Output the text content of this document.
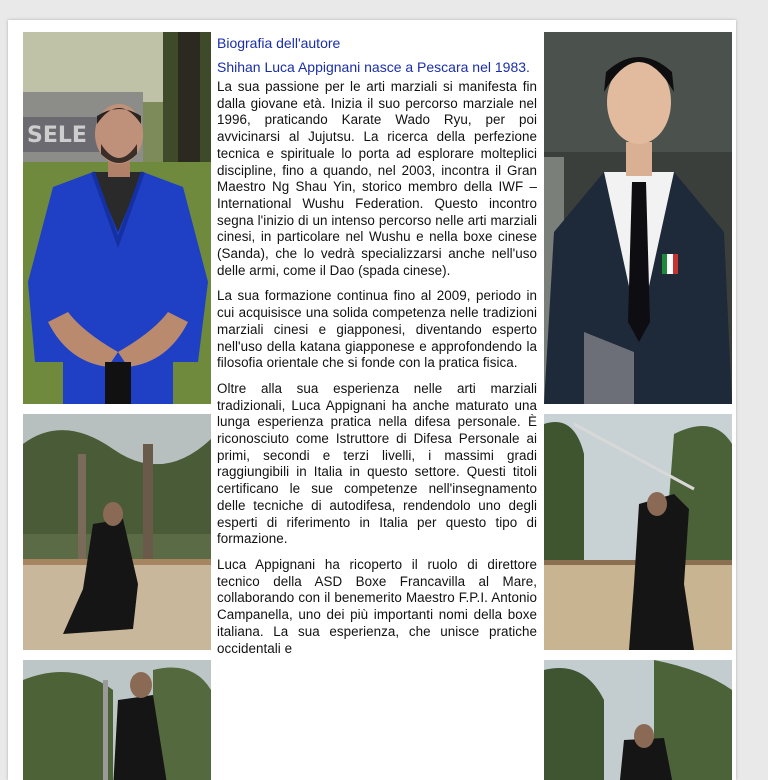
SELE
Biografia dell'autore
Shihan Luca Appignani nasce a Pescara nel 1983.

La sua passione per le arti marziali si manifesta fin dalla giovane età. Inizia il suo percorso marziale nel 1996, praticando Karate Wado Ryu, per poi avvicinarsi al Jujutsu. La ricerca della perfezione tecnica e spirituale lo porta ad esplorare molteplici discipline, fino a quando, nel 2003, incontra il Gran Maestro Ng Shau Yin, storico membro della IWF – International Wushu Federation. Questo incontro segna l'inizio di un intenso percorso nelle arti marziali cinesi, in particolare nel Wushu e nella boxe cinese (Sanda), che lo vedrà specializzarsi anche nell'uso delle armi, come il Dao (spada cinese).

La sua formazione continua fino al 2009, periodo in cui acquisisce una solida competenza nelle tradizioni marziali cinesi e giapponesi, diventando esperto nell'uso della katana giapponese e approfondendo la filosofia orientale che si fonde con la pratica fisica.

Oltre alla sua esperienza nelle arti marziali tradizionali, Luca Appignani ha anche maturato una lunga esperienza pratica nella difesa personale. È riconosciuto come Istruttore di Difesa Personale ai primi, secondi e terzi livelli, i massimi gradi raggiungibili in Italia in questo settore. Questi titoli certificano le sue competenze nell'insegnamento delle tecniche di autodifesa, rendendolo uno degli esperti di riferimento in Italia per questo tipo di formazione.

Luca Appignani ha ricoperto il ruolo di direttore tecnico della ASD Boxe Francavilla al Mare, collaborando con il benemerito Maestro F.P.I. Antonio Campanella, uno dei più importanti nomi della boxe italiana. La sua esperienza, che unisce pratiche occidentali e
